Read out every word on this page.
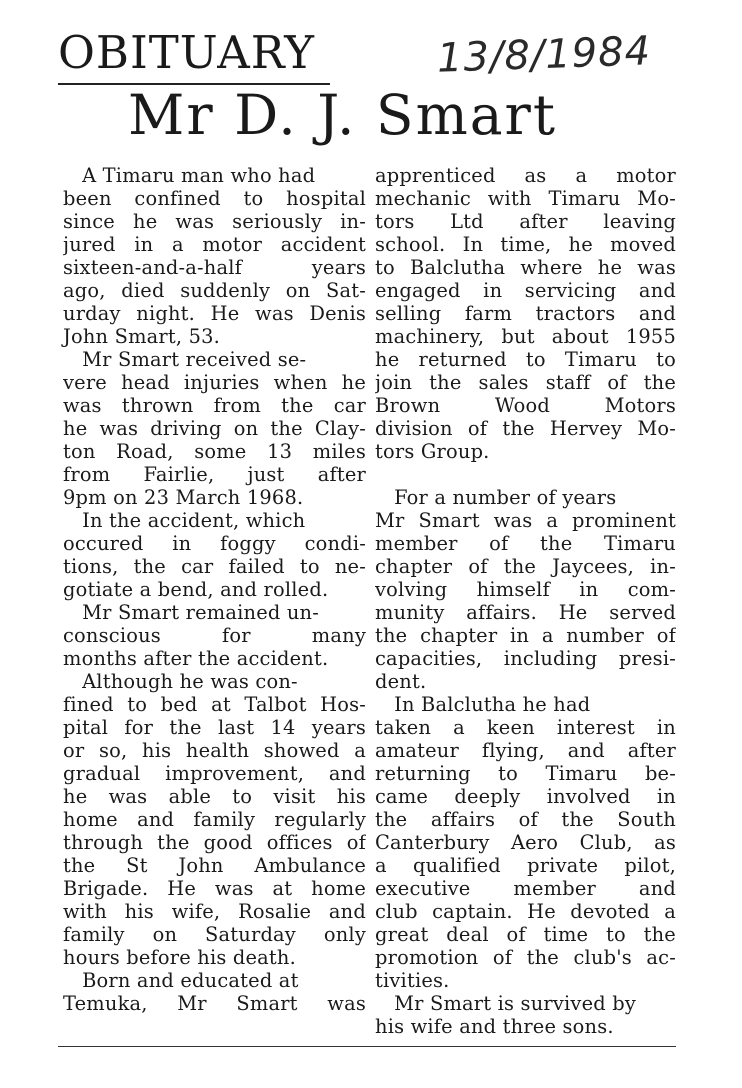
OBITUARY	13/8/1984
Mr D. J. Smart
A Timaru man who had
been confined to hospital
since he was seriously in-
jured in a motor accident
sixteen-and-a-half years
ago, died suddenly on Sat-
urday night. He was Denis
John Smart, 53.
Mr Smart received se-
vere head injuries when he
was thrown from the car
he was driving on the Clay-
ton Road, some 13 miles
from Fairlie, just after
9pm on 23 March 1968.
In the accident, which
occured in foggy condi-
tions, the car failed to ne-
gotiate a bend, and rolled.
Mr Smart remained un-
conscious for many
months after the accident.
Although he was con-
fined to bed at Talbot Hos-
pital for the last 14 years
or so, his health showed a
gradual improvement, and
he was able to visit his
home and family regularly
through the good offices of
the St John Ambulance
Brigade. He was at home
with his wife, Rosalie and
family on Saturday only
hours before his death.
Born and educated at
Temuka, Mr Smart was
apprenticed as a motor
mechanic with Timaru Mo-
tors Ltd after leaving
school. In time, he moved
to Balclutha where he was
engaged in servicing and
selling farm tractors and
machinery, but about 1955
he returned to Timaru to
join the sales staff of the
Brown Wood Motors
division of the Hervey Mo-
tors Group.
For a number of years
Mr Smart was a prominent
member of the Timaru
chapter of the Jaycees, in-
volving himself in com-
munity affairs. He served
the chapter in a number of
capacities, including presi-
dent.
In Balclutha he had
taken a keen interest in
amateur flying, and after
returning to Timaru be-
came deeply involved in
the affairs of the South
Canterbury Aero Club, as
a qualified private pilot,
executive member and
club captain. He devoted a
great deal of time to the
promotion of the club's ac-
tivities.
Mr Smart is survived by
his wife and three sons.
